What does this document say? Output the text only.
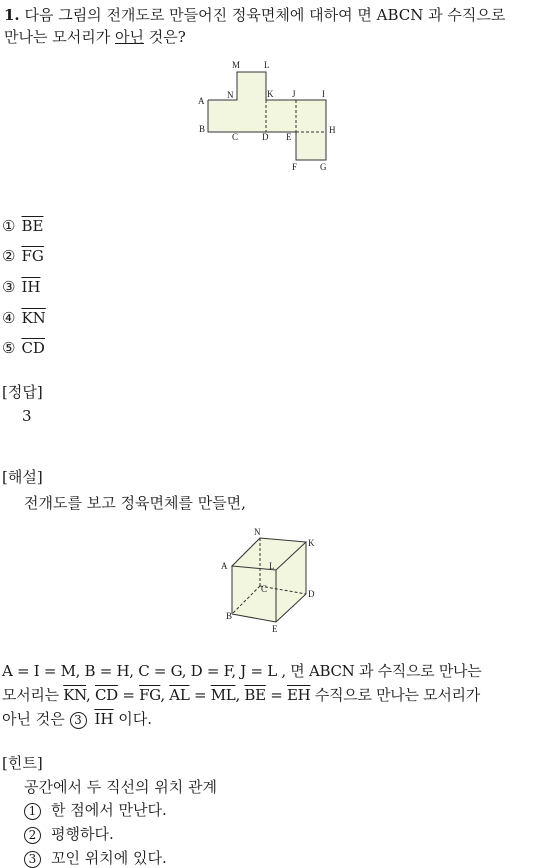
1. 다음 그림의 전개도로 만들어진 정육면체에 대하여 면 ABCN 과 수직으로
만나는 모서리가 아닌 것은?
M	L
A
N	K J	I
B
C	D E
H
F	G
① $\overline{BE}$
② $\overline{FG}$
③ $\overline{IH}$
④ $\overline{KN}$
⑤ $\overline{CD}$
[정답]
3
[해설]
전개도를 보고 정육면체를 만들면,
N
K
A	L
C	D
B
E
A = I = M, B = H, C = G, D = F, J = L , 면 ABCN 과 수직으로 만나는
모서리는 $\overline{KN}$, $\overline{CD} = \overline{FG}$, $\overline{AL} = \overline{ML}$, $\overline{BE} = \overline{EH}$ 수직으로 만나는 모서리가
아닌 것은 3 $\overline{IH}$ 이다.
[힌트]
공간에서 두 직선의 위치 관계
1 한 점에서 만난다.
2 평행하다.
3 꼬인 위치에 있다.
